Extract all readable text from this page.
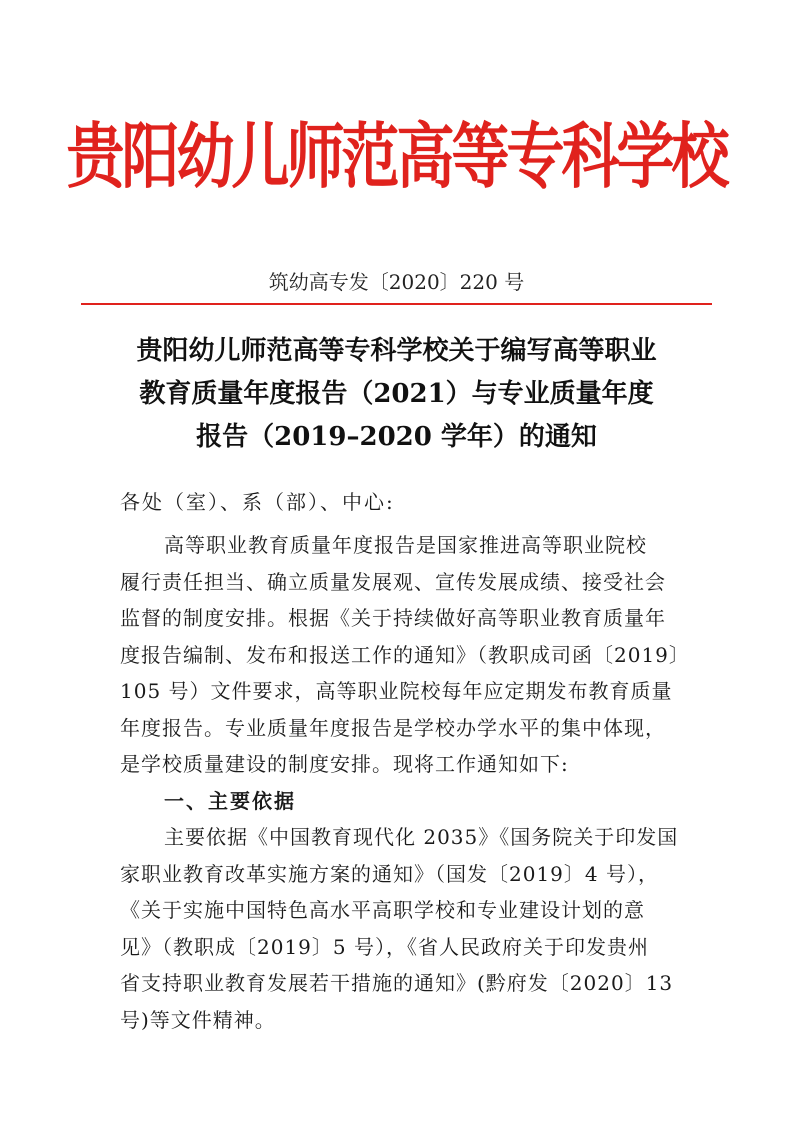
贵阳幼儿师范高等专科学校
筑幼高专发〔2020〕220 号
贵阳幼儿师范高等专科学校关于编写高等职业
教育质量年度报告（2021）与专业质量年度
报告（2019–2020 学年）的通知
各处（室）、系（部）、中心:
高等职业教育质量年度报告是国家推进高等职业院校
履行责任担当、确立质量发展观、宣传发展成绩、接受社会
监督的制度安排。根据《关于持续做好高等职业教育质量年
度报告编制、发布和报送工作的通知》（教职成司函〔2019〕
105 号）文件要求，高等职业院校每年应定期发布教育质量
年度报告。专业质量年度报告是学校办学水平的集中体现，
是学校质量建设的制度安排。现将工作通知如下:
一、主要依据
主要依据《中国教育现代化 2035》《国务院关于印发国
家职业教育改革实施方案的通知》（国发〔2019〕4 号），
《关于实施中国特色高水平高职学校和专业建设计划的意
见》（教职成〔2019〕5 号），《省人民政府关于印发贵州
省支持职业教育发展若干措施的通知》(黔府发〔2020〕13
号)等文件精神。
